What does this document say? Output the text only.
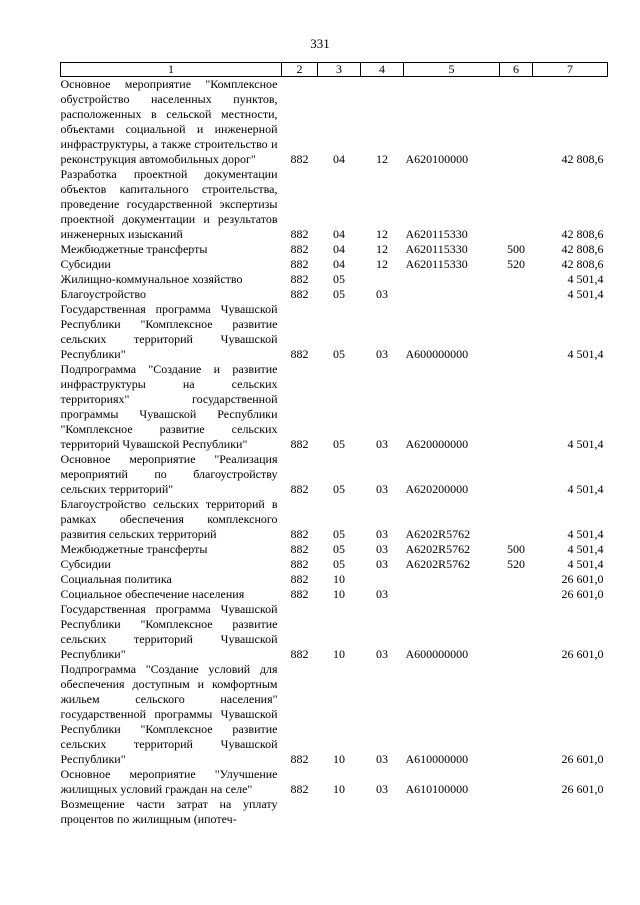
331
1	2	3	4	5	6	7
Основное мероприятие "Комплексное обустройство населенных пунктов, расположенных в сельской местности, объектами социальной и инженерной инфраструктуры, а также строительство и реконструкция автомобильных дорог"	882	04	12	А620100000		42 808,6
Разработка проектной документации объектов капитального строительства, проведение государственной экспертизы проектной документации и результатов инженерных изысканий	882	04	12	А620115330		42 808,6
Межбюджетные трансферты	882	04	12	А620115330	500	42 808,6
Субсидии	882	04	12	А620115330	520	42 808,6
Жилищно-коммунальное хозяйство	882	05				4 501,4
Благоустройство	882	05	03			4 501,4
Государственная программа Чувашской Республики "Комплексное развитие сельских территорий Чувашской Республики"	882	05	03	А600000000		4 501,4
Подпрограмма "Создание и развитие инфраструктуры на сельских территориях" государственной программы Чувашской Республики "Комплексное развитие сельских территорий Чувашской Республики"	882	05	03	А620000000		4 501,4
Основное мероприятие "Реализация мероприятий по благоустройству сельских территорий"	882	05	03	А620200000		4 501,4
Благоустройство сельских территорий в рамках обеспечения комплексного развития сельских территорий	882	05	03	А6202R5762		4 501,4
Межбюджетные трансферты	882	05	03	А6202R5762	500	4 501,4
Субсидии	882	05	03	А6202R5762	520	4 501,4
Социальная политика	882	10				26 601,0
Социальное обеспечение населения	882	10	03			26 601,0
Государственная программа Чувашской Республики "Комплексное развитие сельских территорий Чувашской Республики"	882	10	03	А600000000		26 601,0
Подпрограмма "Создание условий для обеспечения доступным и комфортным жильем сельского населения" государственной программы Чувашской Республики "Комплексное развитие сельских территорий Чувашской Республики"	882	10	03	А610000000		26 601,0
Основное мероприятие "Улучшение жилищных условий граждан на селе"	882	10	03	А610100000		26 601,0
Возмещение части затрат на уплату процентов по жилищным (ипотеч-						
